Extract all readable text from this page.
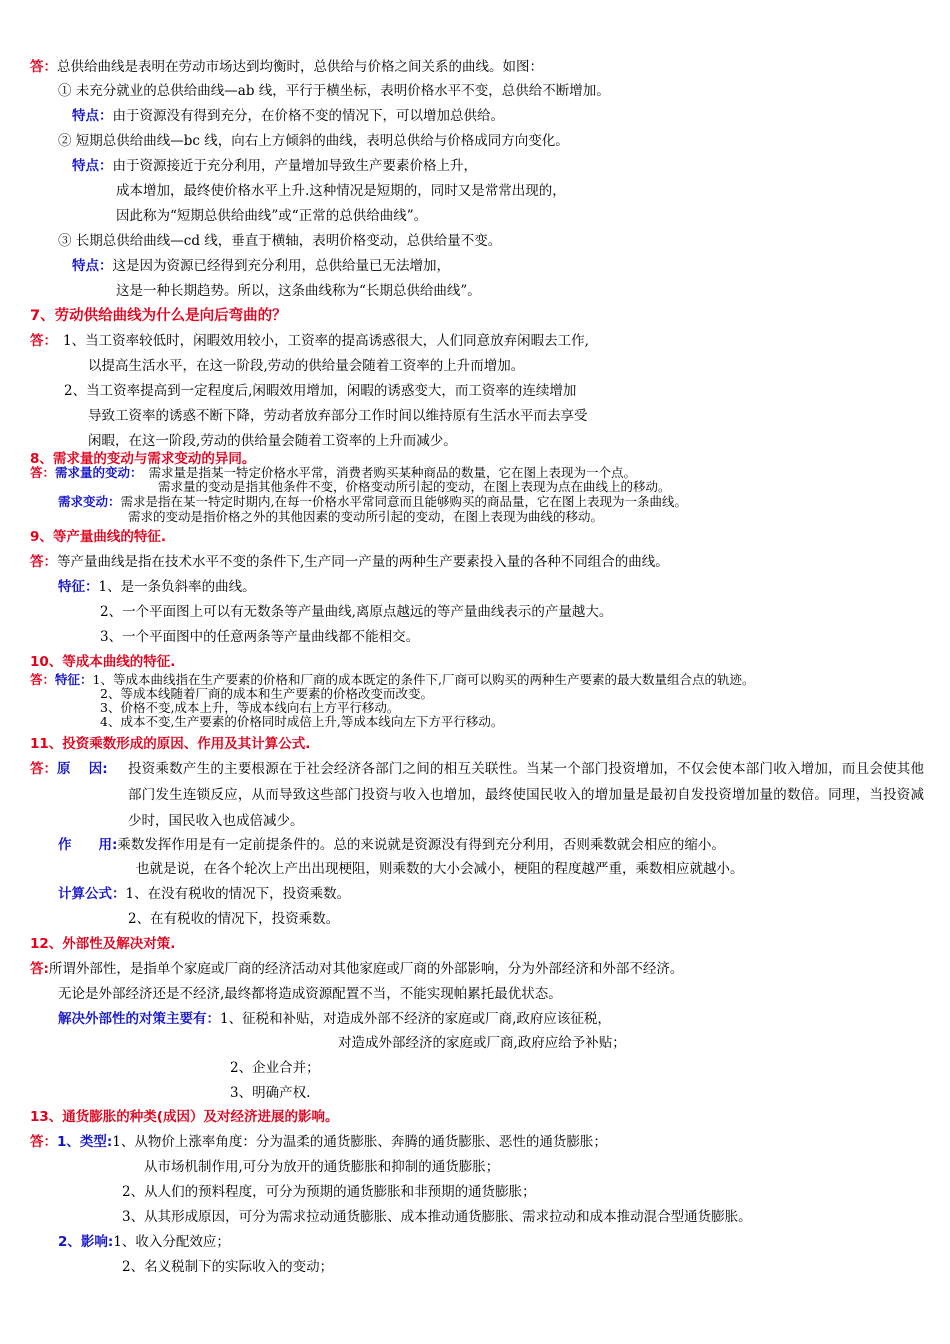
答：总供给曲线是表明在劳动市场达到均衡时，总供给与价格之间关系的曲线。如图：
① 未充分就业的总供给曲线—ab 线，平行于横坐标，表明价格水平不变，总供给不断增加。
特点：由于资源没有得到充分，在价格不变的情况下，可以增加总供给。
② 短期总供给曲线—bc 线，向右上方倾斜的曲线，表明总供给与价格成同方向变化。
特点：由于资源接近于充分利用，产量增加导致生产要素价格上升，
成本增加，最终使价格水平上升.这种情况是短期的，同时又是常常出现的，
因此称为“短期总供给曲线”或“正常的总供给曲线”。
③ 长期总供给曲线—cd 线，垂直于横轴，表明价格变动，总供给量不变。
特点：这是因为资源已经得到充分利用，总供给量已无法增加，
这是一种长期趋势。所以，这条曲线称为“长期总供给曲线”。
7、劳动供给曲线为什么是向后弯曲的？
答： 1、当工资率较低时，闲暇效用较小，工资率的提高诱惑很大，人们同意放弃闲暇去工作,
以提高生活水平，在这一阶段,劳动的供给量会随着工资率的上升而增加。
2、当工资率提高到一定程度后,闲暇效用增加，闲暇的诱惑变大，而工资率的连续增加
导致工资率的诱惑不断下降，劳动者放弃部分工作时间以维持原有生活水平而去享受
闲暇，在这一阶段,劳动的供给量会随着工资率的上升而减少。
8、需求量的变动与需求变动的异同。
答：需求量的变动： 需求量是指某一特定价格水平常，消费者购买某种商品的数量，它在图上表现为一个点。
需求量的变动是指其他条件不变，价格变动所引起的变动，在图上表现为点在曲线上的移动。
需求变动：需求是指在某一特定时期内,在每一价格水平常同意而且能够购买的商品量，它在图上表现为一条曲线。
需求的变动是指价格之外的其他因素的变动所引起的变动，在图上表现为曲线的移动。
9、等产量曲线的特征.
答：等产量曲线是指在技术水平不变的条件下,生产同一产量的两种生产要素投入量的各种不同组合的曲线。
特征：1、是一条负斜率的曲线。
2、一个平面图上可以有无数条等产量曲线,离原点越远的等产量曲线表示的产量越大。
3、一个平面图中的任意两条等产量曲线都不能相交。
10、等成本曲线的特征.
答：特征：1、等成本曲线指在生产要素的价格和厂商的成本既定的条件下,厂商可以购买的两种生产要素的最大数量组合点的轨迹。
2、等成本线随着厂商的成本和生产要素的价格改变而改变。
3、价格不变,成本上升，等成本线向右上方平行移动。
4、成本不变,生产要素的价格同时成倍上升,等成本线向左下方平行移动。
11、投资乘数形成的原因、作用及其计算公式.
答：原　 因: 投资乘数产生的主要根源在于社会经济各部门之间的相互关联性。当某一个部门投资增加，不仅会使本部门收入增加，而且会使其他部门发生连锁反应，从而导致这些部门投资与收入也增加，最终使国民收入的增加量是最初自发投资增加量的数倍。同理，当投资减少时，国民收入也成倍减少。
作　　用:乘数发挥作用是有一定前提条件的。总的来说就是资源没有得到充分利用，否则乘数就会相应的缩小。
也就是说，在各个轮次上产出出现梗阻，则乘数的大小会减小，梗阻的程度越严重，乘数相应就越小。
计算公式：1、在没有税收的情况下，投资乘数。
2、在有税收的情况下，投资乘数。
12、外部性及解决对策.
答:所谓外部性，是指单个家庭或厂商的经济活动对其他家庭或厂商的外部影响，分为外部经济和外部不经济。
无论是外部经济还是不经济,最终都将造成资源配置不当，不能实现帕累托最优状态。
解决外部性的对策主要有：1、征税和补贴，对造成外部不经济的家庭或厂商,政府应该征税，
对造成外部经济的家庭或厂商,政府应给予补贴；
2、企业合并；
3、明确产权.
13、通货膨胀的种类(成因）及对经济进展的影响。
答：1、类型:1、从物价上涨率角度：分为温柔的通货膨胀、奔腾的通货膨胀、恶性的通货膨胀；
从市场机制作用,可分为放开的通货膨胀和抑制的通货膨胀；
2、从人们的预料程度，可分为预期的通货膨胀和非预期的通货膨胀；
3、从其形成原因，可分为需求拉动通货膨胀、成本推动通货膨胀、需求拉动和成本推动混合型通货膨胀。
2、影响:1、收入分配效应；
2、名义税制下的实际收入的变动；
